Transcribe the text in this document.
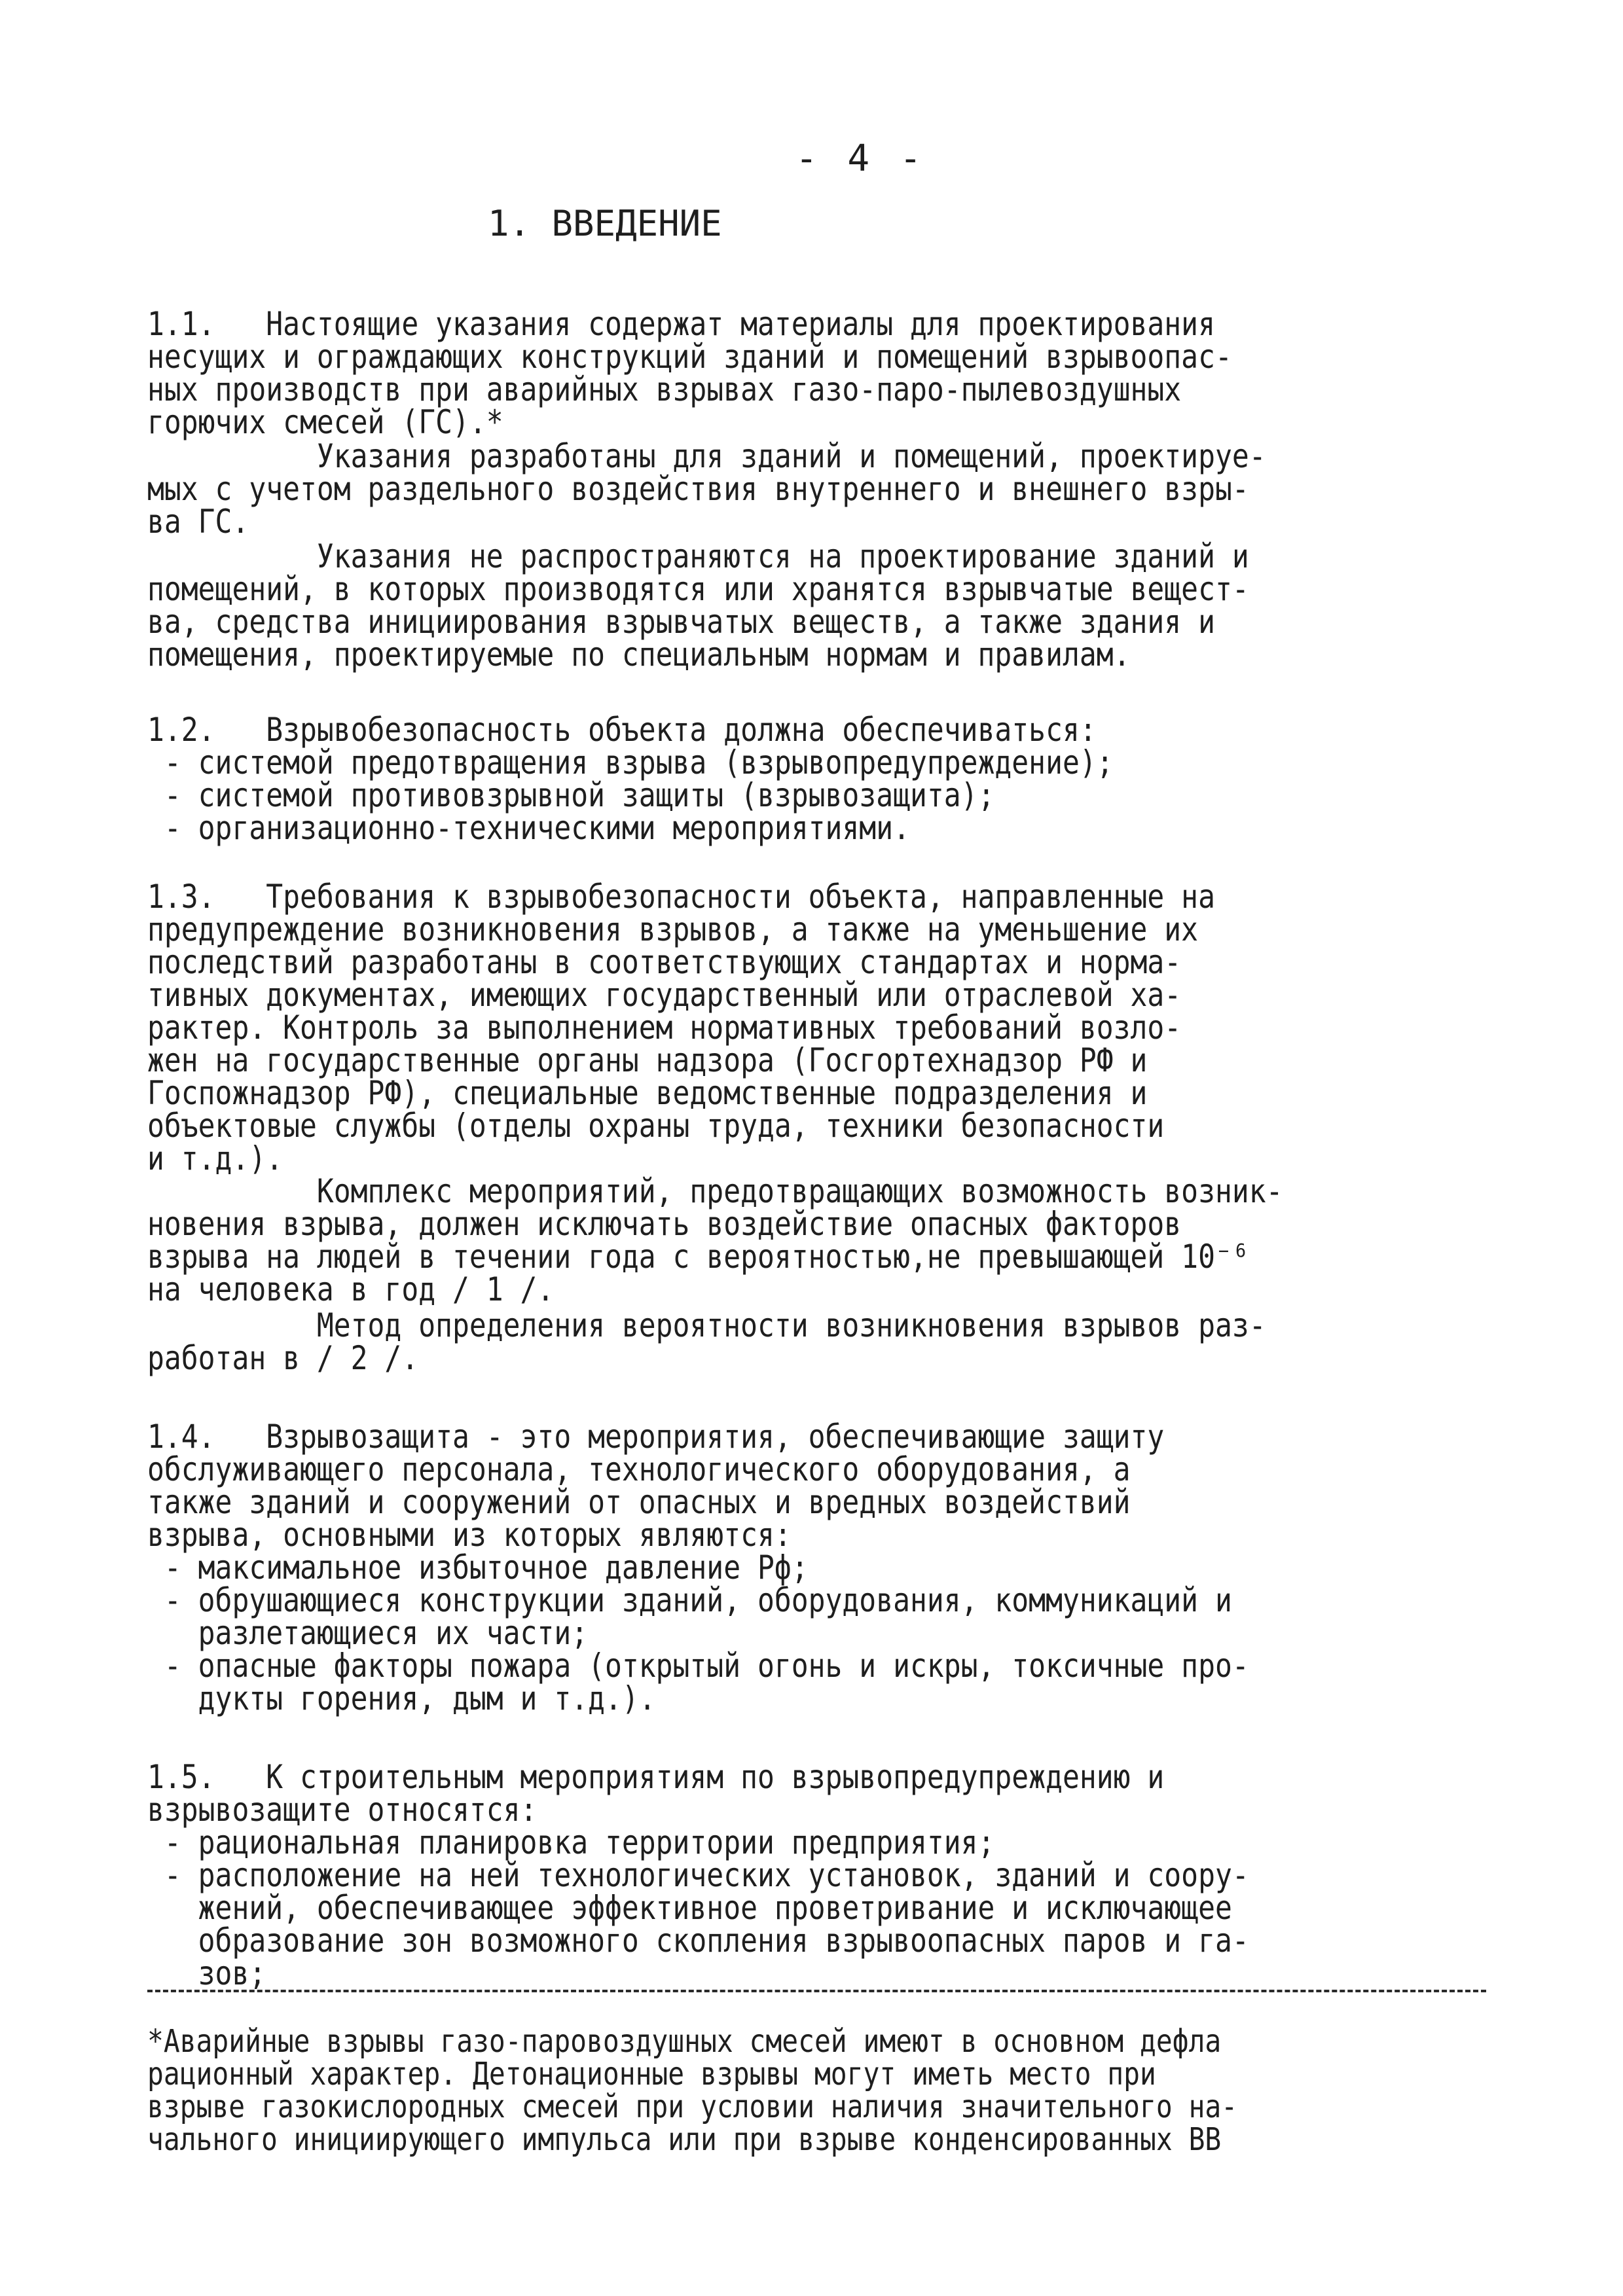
- 4 -
1. ВВЕДЕНИЕ
1.1.   Настоящие указания содержат материалы для проектирования
несущих и ограждающих конструкций зданий и помещений взрывоопас-
ных производств при аварийных взрывах газо-паро-пылевоздушных
горючих смесей (ГС).*
Указания разработаны для зданий и помещений, проектируе-
мых с учетом раздельного воздействия внутреннего и внешнего взры-
ва ГС.
Указания не распространяются на проектирование зданий и
помещений, в которых производятся или хранятся взрывчатые вещест-
ва, средства инициирования взрывчатых веществ, а также здания и
помещения, проектируемые по специальным нормам и правилам.
1.2.   Взрывобезопасность объекта должна обеспечиваться:
- системой предотвращения взрыва (взрывопредупреждение);
- системой противовзрывной защиты (взрывозащита);
- организационно-техническими мероприятиями.
1.3.   Требования к взрывобезопасности объекта, направленные на
предупреждение возникновения взрывов, а также на уменьшение их
последствий разработаны в соответствующих стандартах и норма-
тивных документах, имеющих государственный или отраслевой ха-
рактер. Контроль за выполнением нормативных требований возло-
жен на государственные органы надзора (Госгортехнадзор РФ и
Госпожнадзор РФ), специальные ведомственные подразделения и
объектовые службы (отделы охраны труда, техники безопасности
и т.д.).
Комплекс мероприятий, предотвращающих возможность возник-
новения взрыва, должен исключать воздействие опасных факторов
взрыва на людей в течении года с вероятностью,не превышающей 10⁻⁶
на человека в год / 1 /.
Метод определения вероятности возникновения взрывов раз-
работан в / 2 /.
1.4.   Взрывозащита - это мероприятия, обеспечивающие защиту
обслуживающего персонала, технологического оборудования, а
также зданий и сооружений от опасных и вредных воздействий
взрыва, основными из которых являются:
- максимальное избыточное давление Pф;
- обрушающиеся конструкции зданий, оборудования, коммуникаций и
разлетающиеся их части;
- опасные факторы пожара (открытый огонь и искры, токсичные про-
дукты горения, дым и т.д.).
1.5.   К строительным мероприятиям по взрывопредупреждению и
взрывозащите относятся:
- рациональная планировка территории предприятия;
- расположение на ней технологических установок, зданий и соору-
жений, обеспечивающее эффективное проветривание и исключающее
образование зон возможного скопления взрывоопасных паров и га-
зов;
*Аварийные взрывы газо-паровоздушных смесей имеют в основном дефла
рационный характер. Детонационные взрывы могут иметь место при
взрыве газокислородных смесей при условии наличия значительного на-
чального инициирующего импульса или при взрыве конденсированных ВВ
